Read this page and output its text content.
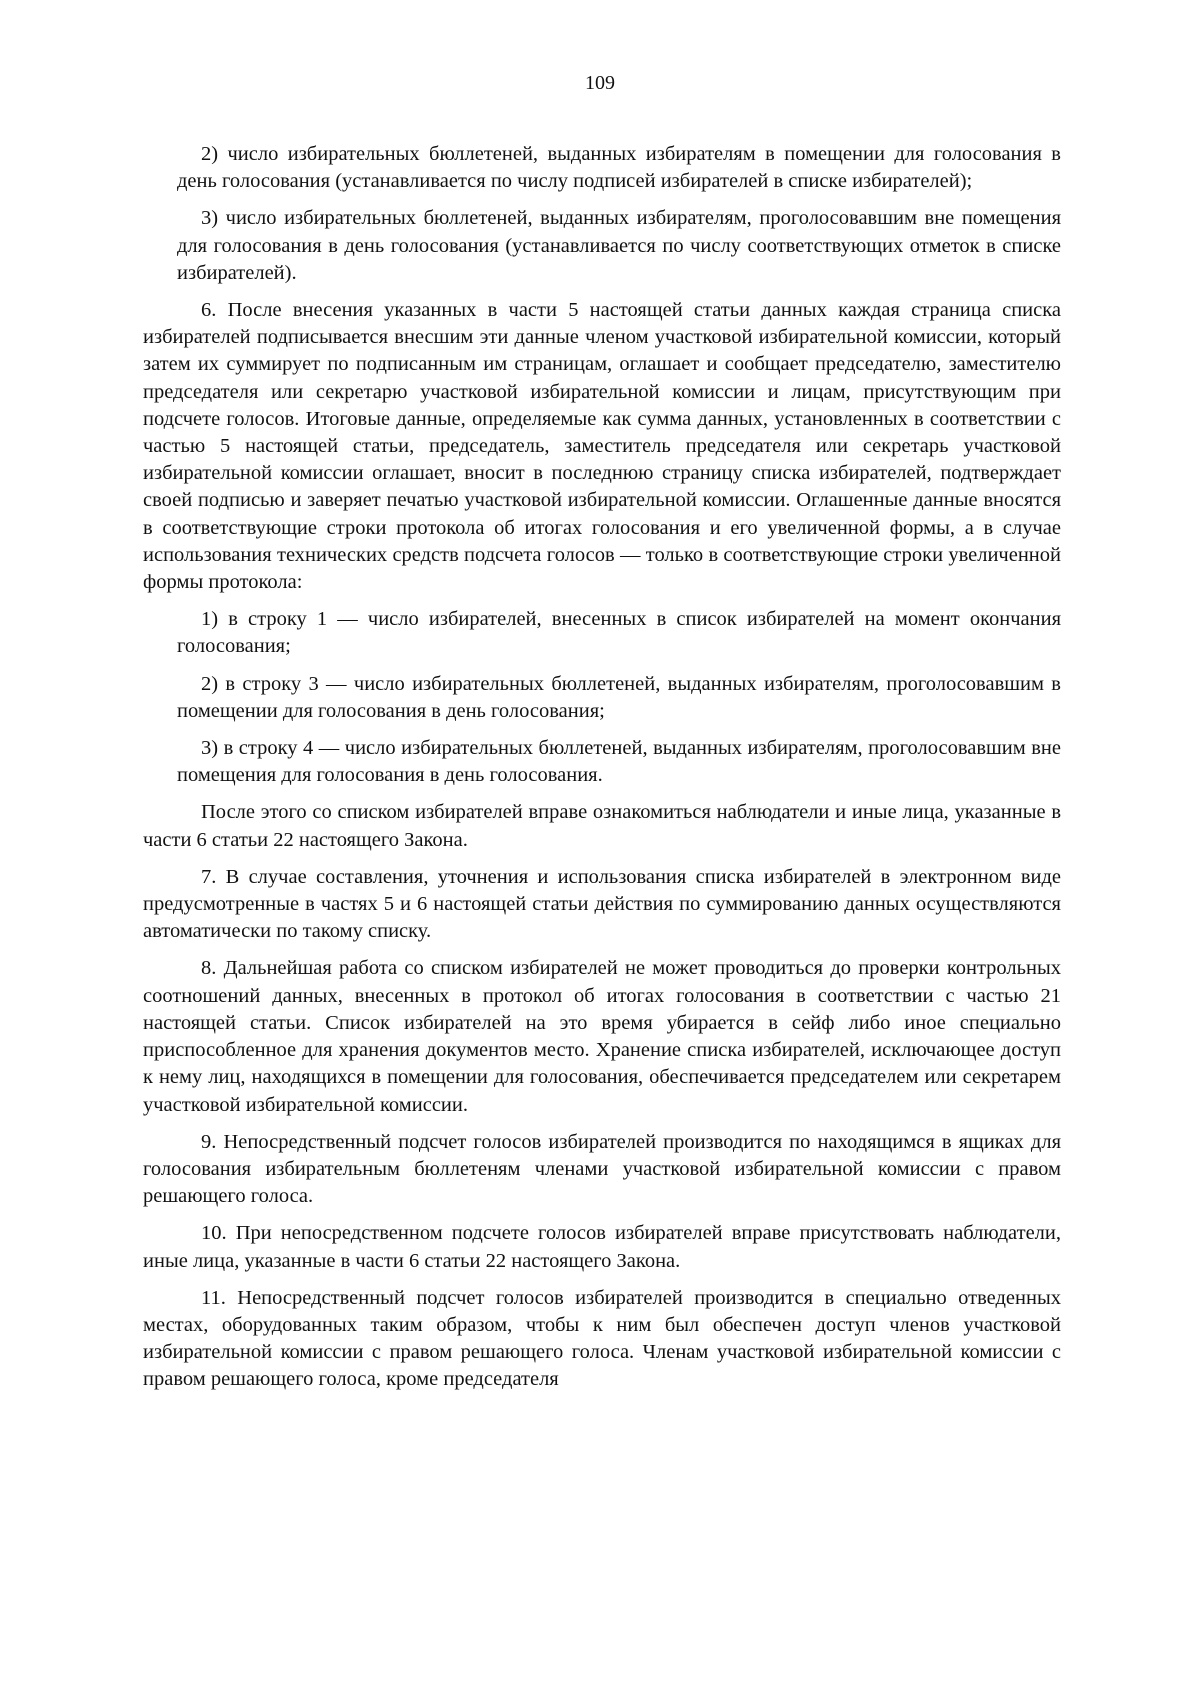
109

2) число избирательных бюллетеней, выданных избирателям в помещении для голосования в день голосования (устанавливается по числу подписей избирателей в списке избирателей);

3) число избирательных бюллетеней, выданных избирателям, проголосовавшим вне помещения для голосования в день голосования (устанавливается по числу соответствующих отметок в списке избирателей).

6. После внесения указанных в части 5 настоящей статьи данных каждая страница списка избирателей подписывается внесшим эти данные членом участковой избирательной комиссии, который затем их суммирует по подписанным им страницам, оглашает и сообщает председателю, заместителю председателя или секретарю участковой избирательной комиссии и лицам, присутствующим при подсчете голосов. Итоговые данные, определяемые как сумма данных, установленных в соответствии с частью 5 настоящей статьи, председатель, заместитель председателя или секретарь участковой избирательной комиссии оглашает, вносит в последнюю страницу списка избирателей, подтверждает своей подписью и заверяет печатью участковой избирательной комиссии. Оглашенные данные вносятся в соответствующие строки протокола об итогах голосования и его увеличенной формы, а в случае использования технических средств подсчета голосов — только в соответствующие строки увеличенной формы протокола:

1) в строку 1 — число избирателей, внесенных в список избирателей на момент окончания голосования;

2) в строку 3 — число избирательных бюллетеней, выданных избирателям, проголосовавшим в помещении для голосования в день голосования;

3) в строку 4 — число избирательных бюллетеней, выданных избирателям, проголосовавшим вне помещения для голосования в день голосования.

После этого со списком избирателей вправе ознакомиться наблюдатели и иные лица, указанные в части 6 статьи 22 настоящего Закона.

7. В случае составления, уточнения и использования списка избирателей в электронном виде предусмотренные в частях 5 и 6 настоящей статьи действия по суммированию данных осуществляются автоматически по такому списку.

8. Дальнейшая работа со списком избирателей не может проводиться до проверки контрольных соотношений данных, внесенных в протокол об итогах голосования в соответствии с частью 21 настоящей статьи. Список избирателей на это время убирается в сейф либо иное специально приспособленное для хранения документов место. Хранение списка избирателей, исключающее доступ к нему лиц, находящихся в помещении для голосования, обеспечивается председателем или секретарем участковой избирательной комиссии.

9. Непосредственный подсчет голосов избирателей производится по находящимся в ящиках для голосования избирательным бюллетеням членами участковой избирательной комиссии с правом решающего голоса.

10. При непосредственном подсчете голосов избирателей вправе присутствовать наблюдатели, иные лица, указанные в части 6 статьи 22 настоящего Закона.

11. Непосредственный подсчет голосов избирателей производится в специально отведенных местах, оборудованных таким образом, чтобы к ним был обеспечен доступ членов участковой избирательной комиссии с правом решающего голоса. Членам участковой избирательной комиссии с правом решающего голоса, кроме председателя
